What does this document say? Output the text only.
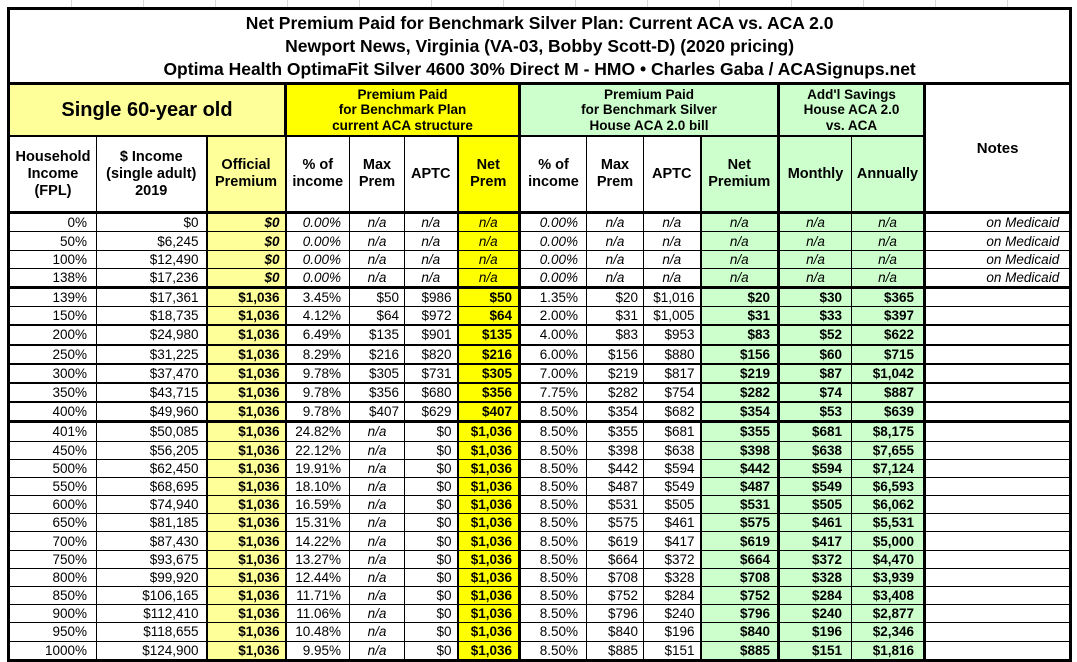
Net Premium Paid for Benchmark Silver Plan: Current ACA vs. ACA 2.0
Newport News, Virginia (VA-03, Bobby Scott-D) (2020 pricing)
Optima Health OptimaFit Silver 4600 30% Direct M - HMO • Charles Gaba / ACASignups.net													

Single 60-year old	
Premium Paid
for Benchmark Plan
current ACA structure

Premium Paid
for Benchmark Silver
House ACA 2.0 bill

Add'l Savings
House ACA 2.0
vs. ACA
	Notes
Household Income (FPL)	$ Income (single adult) 2019	Official Premium	% of income	Max Prem	APTC	Net Prem	% of income	Max Prem	APTC	Net Premium	Monthly	Annually	
0%	$0	$0	0.00%	n/a	n/a	n/a	0.00%	n/a	n/a	n/a	n/a	n/a	on Medicaid
50%	$6,245	$0	0.00%	n/a	n/a	n/a	0.00%	n/a	n/a	n/a	n/a	n/a	on Medicaid
100%	$12,490	$0	0.00%	n/a	n/a	n/a	0.00%	n/a	n/a	n/a	n/a	n/a	on Medicaid
138%	$17,236	$0	0.00%	n/a	n/a	n/a	0.00%	n/a	n/a	n/a	n/a	n/a	on Medicaid
139%	$17,361	$1,036	3.45%	$50	$986	$50	1.35%	$20	$1,016	$20	$30	$365	
150%	$18,735	$1,036	4.12%	$64	$972	$64	2.00%	$31	$1,005	$31	$33	$397	
200%	$24,980	$1,036	6.49%	$135	$901	$135	4.00%	$83	$953	$83	$52	$622	
250%	$31,225	$1,036	8.29%	$216	$820	$216	6.00%	$156	$880	$156	$60	$715	
300%	$37,470	$1,036	9.78%	$305	$731	$305	7.00%	$219	$817	$219	$87	$1,042	
350%	$43,715	$1,036	9.78%	$356	$680	$356	7.75%	$282	$754	$282	$74	$887	
400%	$49,960	$1,036	9.78%	$407	$629	$407	8.50%	$354	$682	$354	$53	$639	
401%	$50,085	$1,036	24.82%	n/a	$0	$1,036	8.50%	$355	$681	$355	$681	$8,175	
450%	$56,205	$1,036	22.12%	n/a	$0	$1,036	8.50%	$398	$638	$398	$638	$7,655	
500%	$62,450	$1,036	19.91%	n/a	$0	$1,036	8.50%	$442	$594	$442	$594	$7,124	
550%	$68,695	$1,036	18.10%	n/a	$0	$1,036	8.50%	$487	$549	$487	$549	$6,593	
600%	$74,940	$1,036	16.59%	n/a	$0	$1,036	8.50%	$531	$505	$531	$505	$6,062	
650%	$81,185	$1,036	15.31%	n/a	$0	$1,036	8.50%	$575	$461	$575	$461	$5,531	
700%	$87,430	$1,036	14.22%	n/a	$0	$1,036	8.50%	$619	$417	$619	$417	$5,000	
750%	$93,675	$1,036	13.27%	n/a	$0	$1,036	8.50%	$664	$372	$664	$372	$4,470	
800%	$99,920	$1,036	12.44%	n/a	$0	$1,036	8.50%	$708	$328	$708	$328	$3,939	
850%	$106,165	$1,036	11.71%	n/a	$0	$1,036	8.50%	$752	$284	$752	$284	$3,408	
900%	$112,410	$1,036	11.06%	n/a	$0	$1,036	8.50%	$796	$240	$796	$240	$2,877	
950%	$118,655	$1,036	10.48%	n/a	$0	$1,036	8.50%	$840	$196	$840	$196	$2,346	
1000%	$124,900	$1,036	9.95%	n/a	$0	$1,036	8.50%	$885	$151	$885	$151	$1,816	
